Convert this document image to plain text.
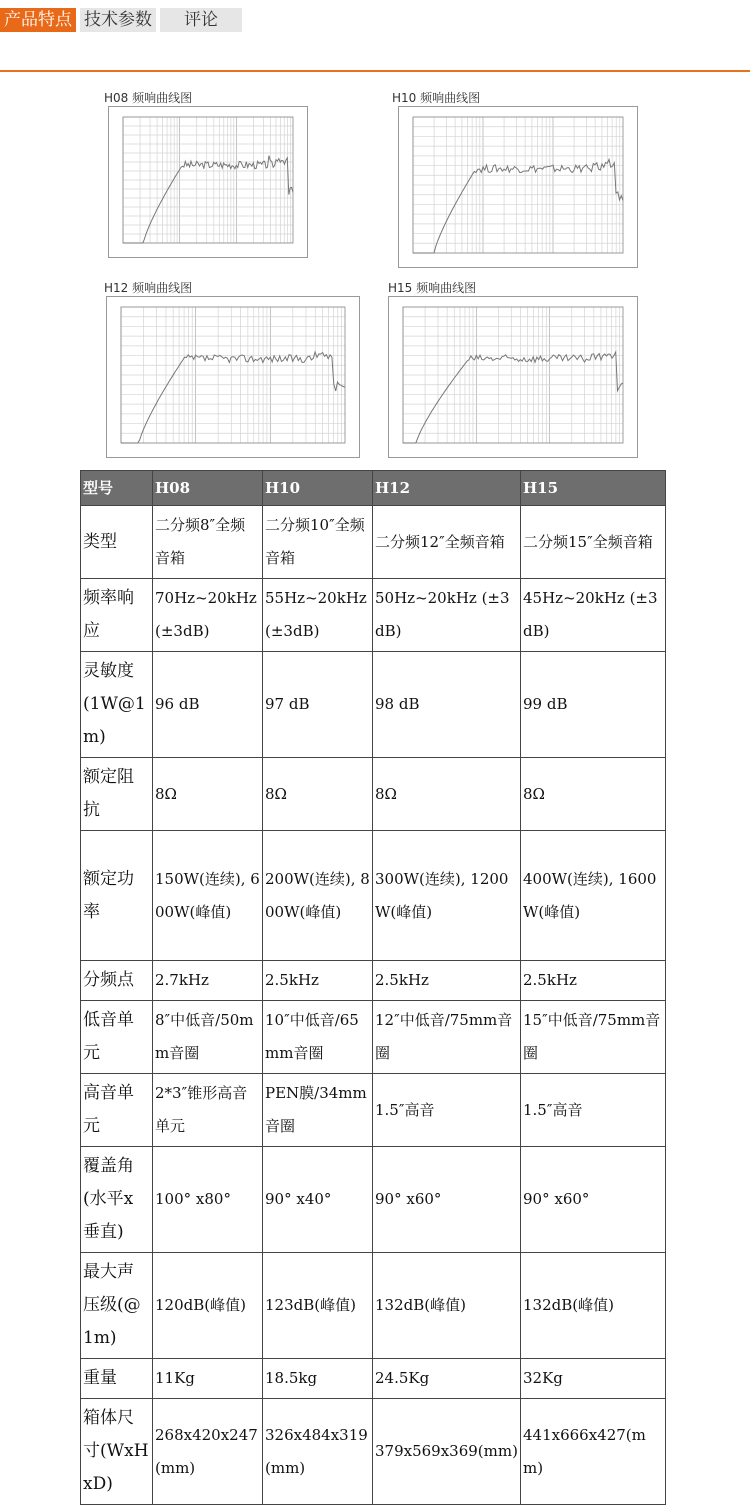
产品特点 技术参数	评论
H08 频响曲线图	H10 频响曲线图
H12 频响曲线图	H15 频响曲线图
型号	H08	H10	H12	H15
类型	二分频8″全频音箱	二分频10″全频音箱	二分频12″全频音箱	二分频15″全频音箱
频率响应	70Hz~20kHz (±3dB)	55Hz~20kHz (±3dB)	50Hz~20kHz (±3dB)	45Hz~20kHz (±3dB)
灵敏度(1W@1m)	96 dB	97 dB	98 dB	99 dB
额定阻抗	8Ω	8Ω	8Ω	8Ω
额定功率	150W(连续), 600W(峰值)	200W(连续), 800W(峰值)	300W(连续), 1200W(峰值)	400W(连续), 1600W(峰值)
分频点	2.7kHz	2.5kHz	2.5kHz	2.5kHz
低音单元	8″中低音/50mm音圈	10″中低音/65mm音圈	12″中低音/75mm音圈	15″中低音/75mm音圈
高音单元	2*3″锥形高音单元	PEN膜/34mm音圈	1.5″高音	1.5″高音
覆盖角(水平x垂直)	100° x80°	90° x40°	90° x60°	90° x60°
最大声压级(@1m)	120dB(峰值)	123dB(峰值)	132dB(峰值)	132dB(峰值)
重量	11Kg	18.5kg	24.5Kg	32Kg
箱体尺寸(WxHxD)	268x420x247(mm)	326x484x319(mm)	379x569x369(mm)	441x666x427(mm)
